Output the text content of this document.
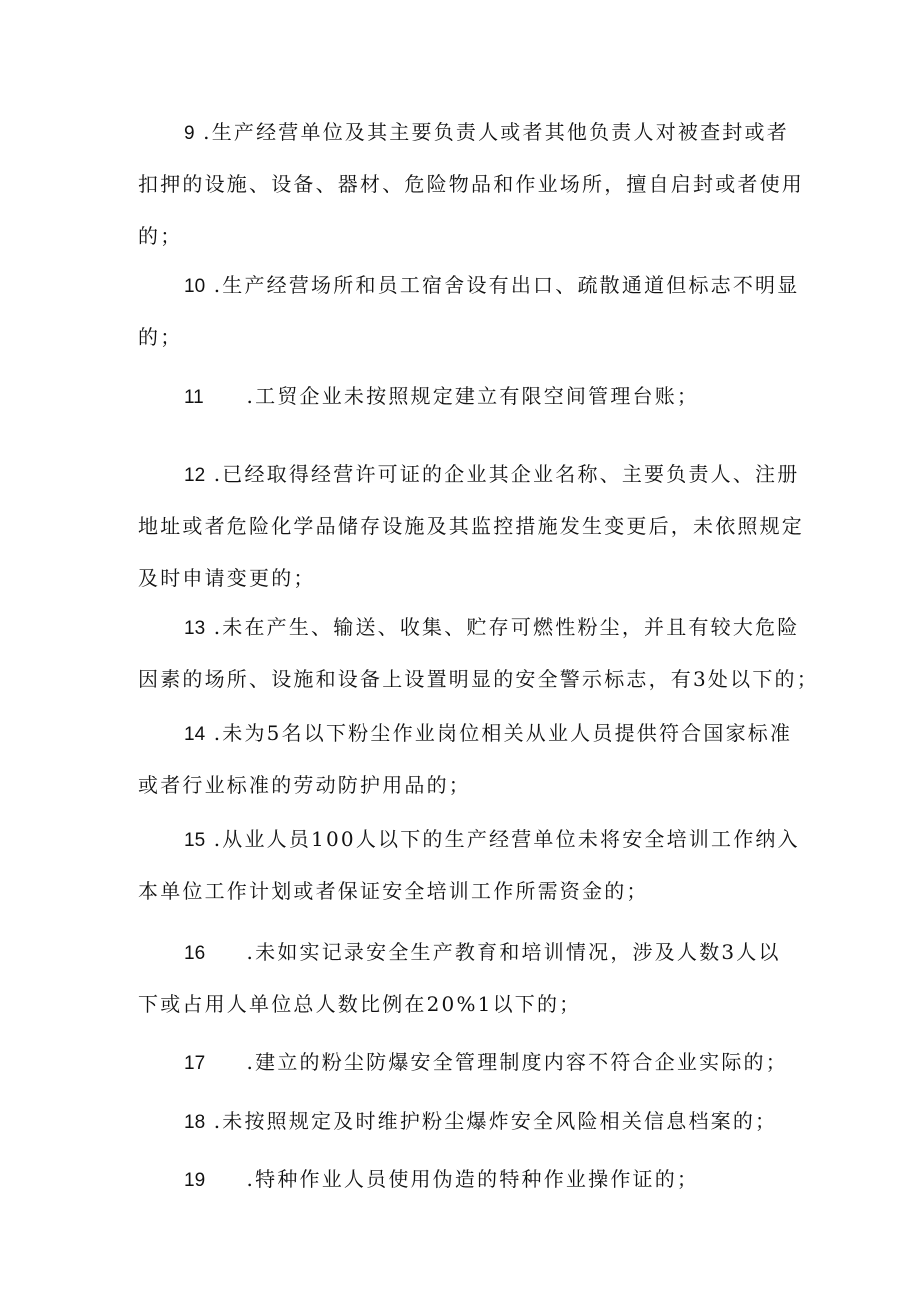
9 .生产经营单位及其主要负责人或者其他负责人对被查封或者
扣押的设施、设备、器材、危险物品和作业场所，擅自启封或者使用
的；
10 .生产经营场所和员工宿舍设有出口、疏散通道但标志不明显
的；
11 .工贸企业未按照规定建立有限空间管理台账；
12 .已经取得经营许可证的企业其企业名称、主要负责人、注册
地址或者危险化学品储存设施及其监控措施发生变更后，未依照规定
及时申请变更的；
13 .未在产生、输送、收集、贮存可燃性粉尘，并且有较大危险
因素的场所、设施和设备上设置明显的安全警示标志，有3处以下的；
14 .未为5名以下粉尘作业岗位相关从业人员提供符合国家标准
或者行业标准的劳动防护用品的；
15 .从业人员100人以下的生产经营单位未将安全培训工作纳入
本单位工作计划或者保证安全培训工作所需资金的；
16 .未如实记录安全生产教育和培训情况，涉及人数3人以
下或占用人单位总人数比例在20%1以下的；
17 .建立的粉尘防爆安全管理制度内容不符合企业实际的；
18 .未按照规定及时维护粉尘爆炸安全风险相关信息档案的；
19 .特种作业人员使用伪造的特种作业操作证的；
